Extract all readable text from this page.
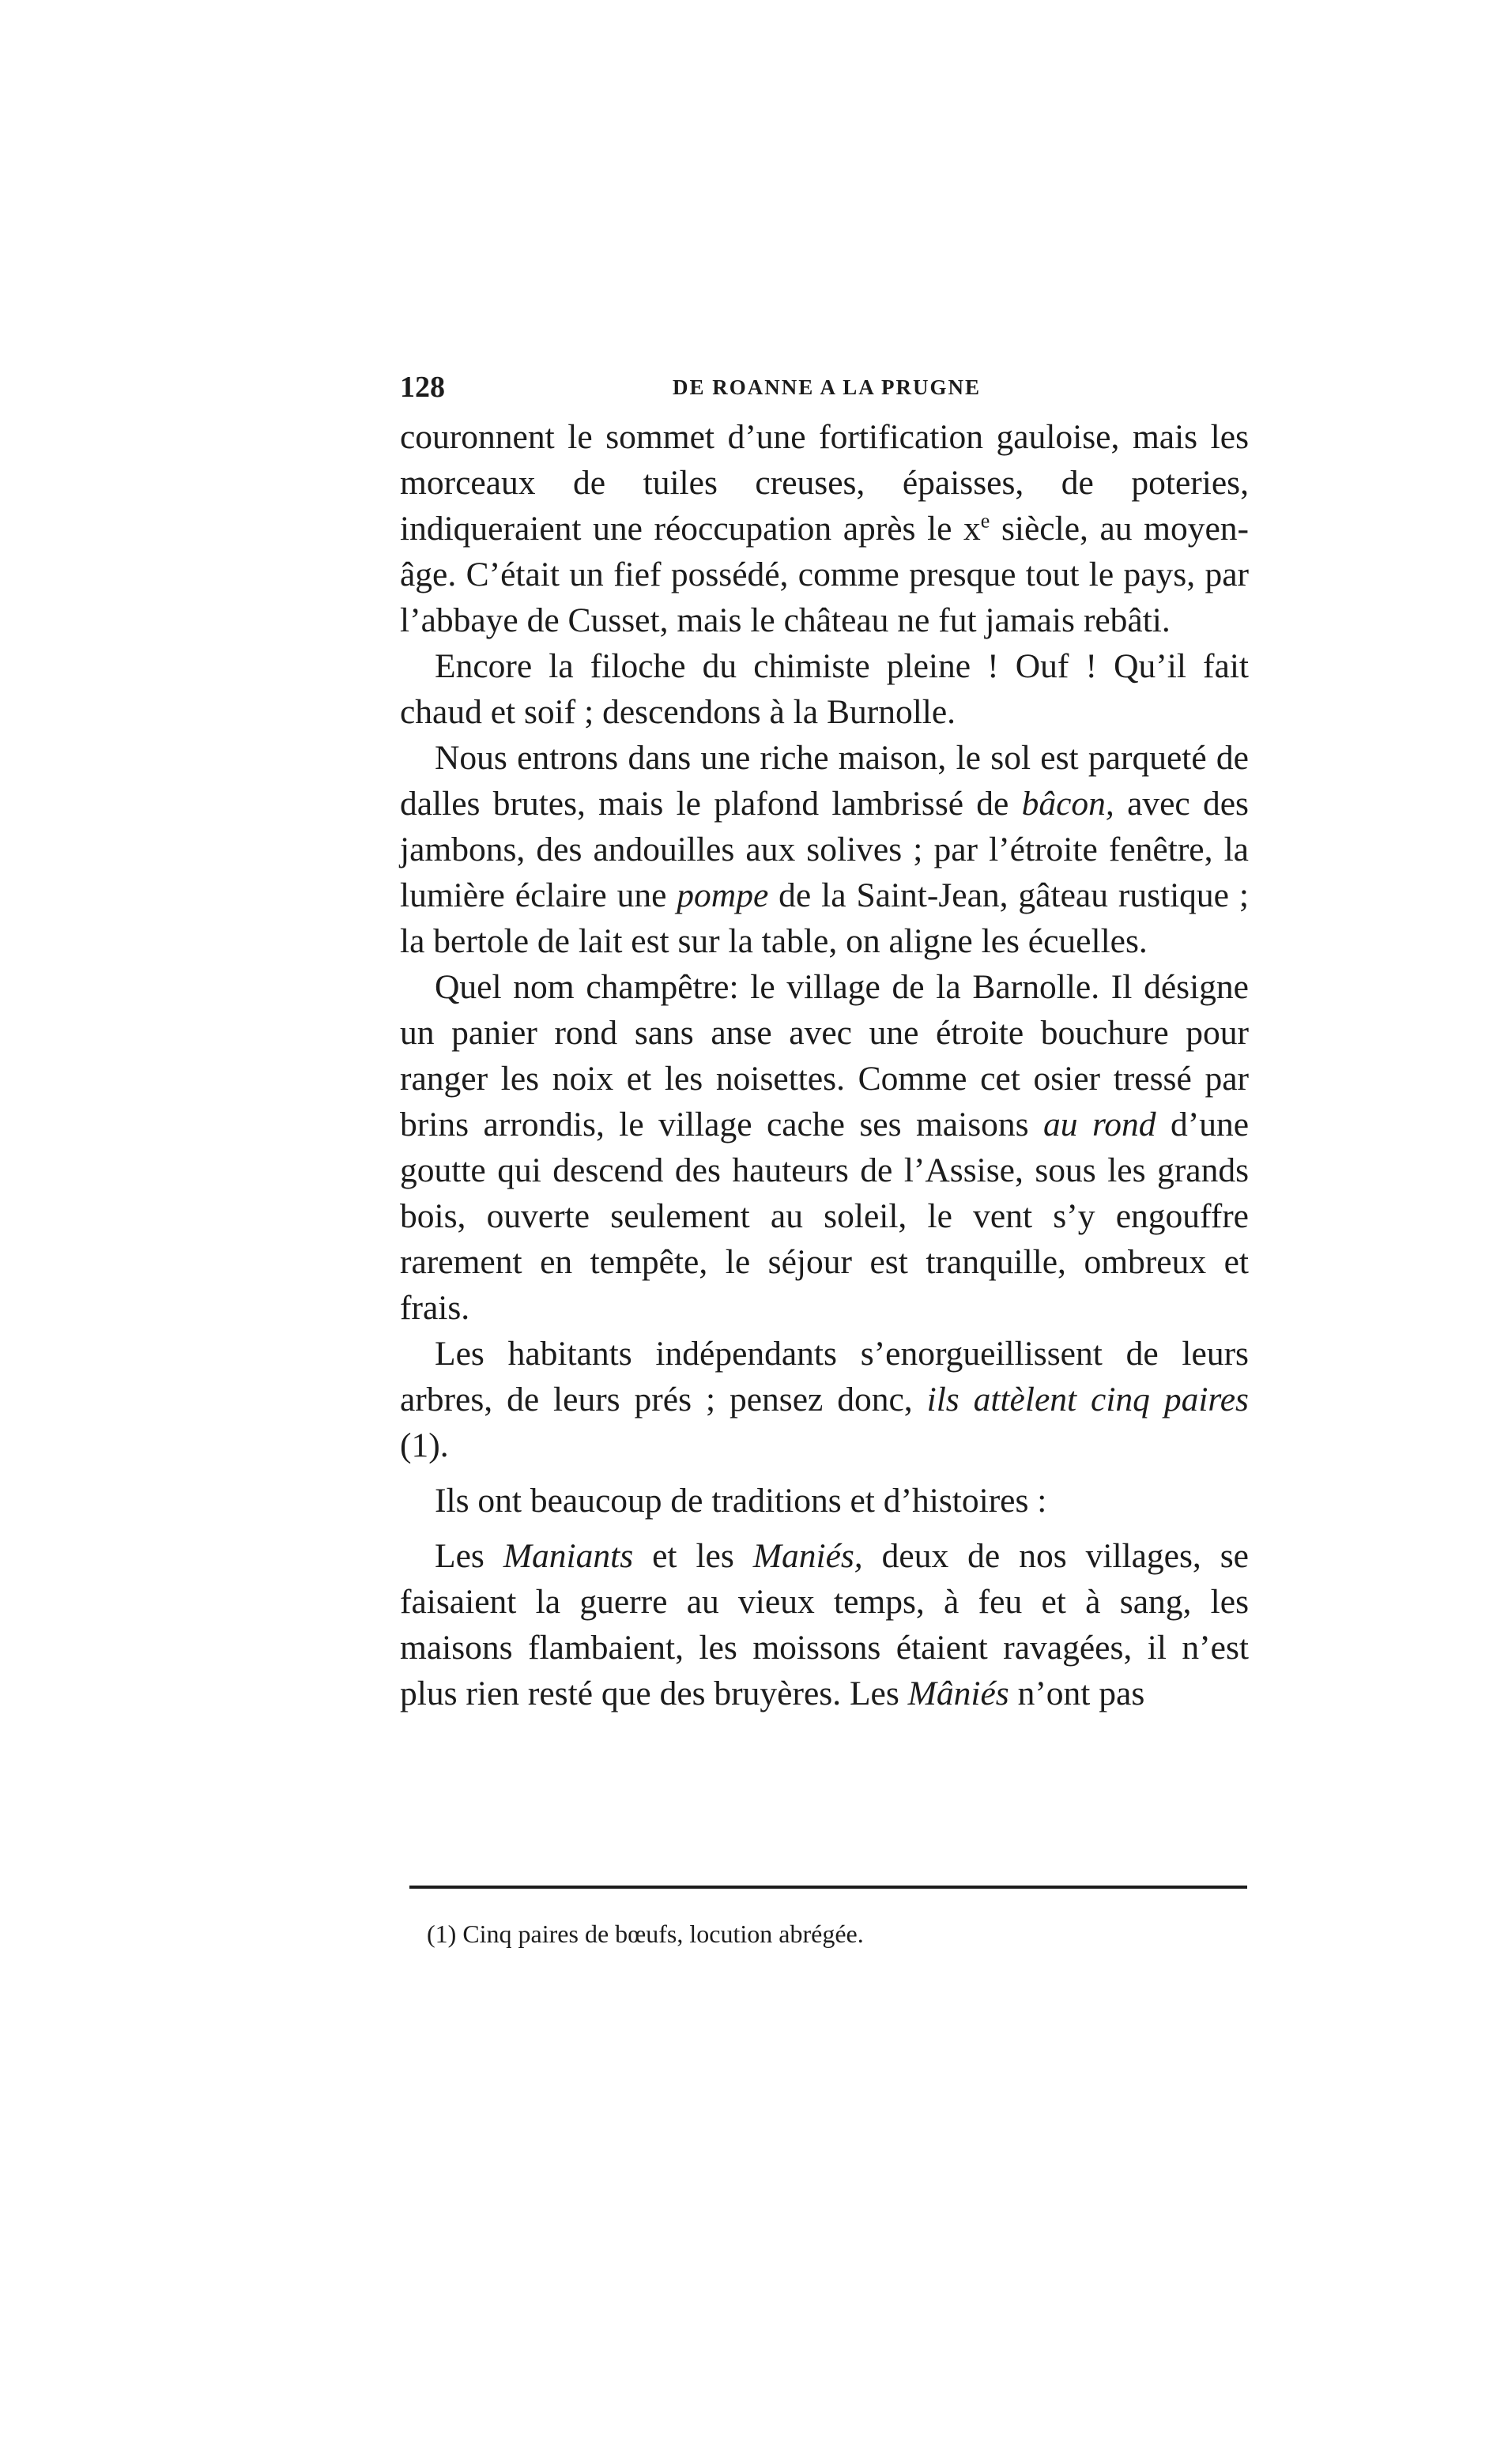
128	DE ROANNE A LA PRUGNE

couronnent le sommet d’une fortification gauloise, mais les morceaux de tuiles creuses, épaisses, de poteries, indiqueraient une réoccupation après le $x^e$ siècle, au moyen-âge. C’était un fief possédé, comme presque tout le pays, par l’abbaye de Cusset, mais le château ne fut jamais rebâti.

Encore la filoche du chimiste pleine ! Ouf ! Qu’il fait chaud et soif ; descendons à la Burnolle.

Nous entrons dans une riche maison, le sol est parqueté de dalles brutes, mais le plafond lambrissé de bâcon, avec des jambons, des andouilles aux solives ; par l’étroite fenêtre, la lumière éclaire une pompe de la Saint-Jean, gâteau rustique ; la bertole de lait est sur la table, on aligne les écuelles.

Quel nom champêtre: le village de la Barnolle. Il désigne un panier rond sans anse avec une étroite bouchure pour ranger les noix et les noisettes. Comme cet osier tressé par brins arrondis, le village cache ses maisons au rond d’une goutte qui descend des hauteurs de l’Assise, sous les grands bois, ouverte seulement au soleil, le vent s’y engouffre rarement en tempête, le séjour est tranquille, ombreux et frais.

Les habitants indépendants s’enorgueillissent de leurs arbres, de leurs prés ; pensez donc, ils attèlent cinq paires (1).

Ils ont beaucoup de traditions et d’histoires :

Les Maniants et les Maniés, deux de nos villages, se faisaient la guerre au vieux temps, à feu et à sang, les maisons flambaient, les moissons étaient ravagées, il n’est plus rien resté que des bruyères. Les Mâniés n’ont pas

(1) Cinq paires de bœufs, locution abrégée.
